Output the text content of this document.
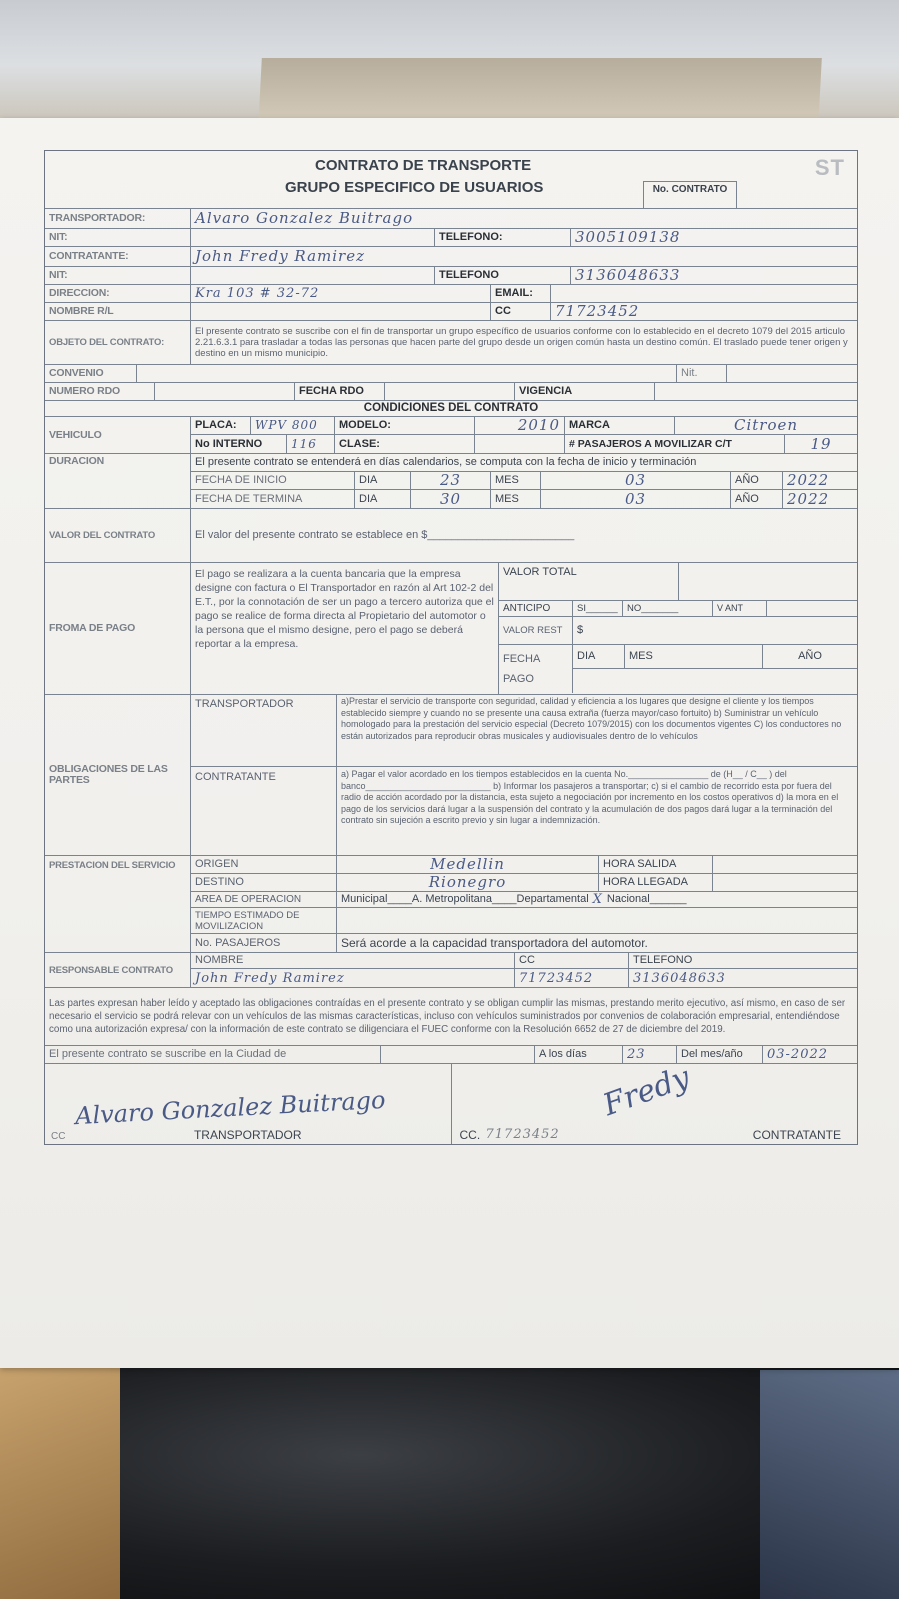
CONTRATO DE TRANSPORTE
GRUPO ESPECIFICO DE USUARIOS	No. CONTRATO
ST
TRANSPORTADOR:	Alvaro Gonzalez Buitrago
NIT:	TELEFONO:	3005109138
CONTRATANTE:	John Fredy Ramirez
NIT:	TELEFONO	3136048633
DIRECCION:	Kra 103 # 32-72	EMAIL:
NOMBRE R/L	CC	71723452
OBJETO DEL CONTRATO:
El presente contrato se suscribe con el fin de transportar un grupo específico de usuarios conforme con lo establecido en el decreto 1079 del 2015 articulo 2.21.6.3.1 para trasladar a todas las personas que hacen parte del grupo desde un origen común hasta un destino común. El traslado puede tener origen y destino en un mismo municipio.
CONVENIO	Nit.
NUMERO RDO	FECHA RDO	VIGENCIA
CONDICIONES DEL CONTRATO
VEHICULO
PLACA:	WPV 800	MODELO:	2010 MARCA	Citroen
No INTERNO	116	CLASE:	# PASAJEROS A MOVILIZAR C/T	19
DURACION	El presente contrato se entenderá en días calendarios, se computa con la fecha de inicio y terminación
FECHA DE INICIO	DIA	23	MES	03	AÑO	2022
FECHA DE TERMINA	DIA	30	MES	03	AÑO	2022
VALOR DEL CONTRATO	El valor del presente contrato se establece en $________________________
FROMA DE PAGO
El pago se realizara a la cuenta bancaria que la empresa designe con factura o El Transportador en razón al Art 102-2 del E.T., por la connotación de ser un pago a tercero autoriza que el pago se realice de forma directa al Propietario del automotor o la persona que el mismo designe, pero el pago se deberá reportar a la empresa.
VALOR TOTAL
ANTICIPO	SI______ NO_______	V ANT
VALOR REST	$
FECHA PAGO
DIA	MES	AÑO
OBLIGACIONES DE LAS PARTES
TRANSPORTADOR	a)Prestar el servicio de transporte con seguridad, calidad y eficiencia a los lugares que designe el cliente y los tiempos establecido siempre y cuando no se presente una causa extraña (fuerza mayor/caso fortuito) b) Suministrar un vehículo homologado para la prestación del servicio especial (Decreto 1079/2015) con los documentos vigentes C) los conductores no están autorizados para reproducir obras musicales y audiovisuales dentro de lo vehículos
CONTRATANTE	a) Pagar el valor acordado en los tiempos establecidos en la cuenta No.________________ de (H__ / C__ ) del banco_________________________ b) Informar los pasajeros a transportar; c) si el cambio de recorrido esta por fuera del radio de acción acordado por la distancia, esta sujeto a negociación por incremento en los costos operativos d) la mora en el pago de los servicios dará lugar a la suspensión del contrato y la acumulación de dos pagos dará lugar a la terminación del contrato sin sujeción a escrito previo y sin lugar a indemnización.
PRESTACION DEL SERVICIO	ORIGEN	Medellin	HORA SALIDA
DESTINO	Rionegro	HORA LLEGADA
AREA DE OPERACION	Municipal____A. Metropolitana____Departamental X Nacional______
TIEMPO ESTIMADO DE MOVILIZACION
No. PASAJEROS	Será acorde a la capacidad transportadora del automotor.
RESPONSABLE CONTRATO
NOMBRE	CC	TELEFONO
John Fredy Ramirez	71723452	3136048633
Las partes expresan haber leído y aceptado las obligaciones contraídas en el presente contrato y se obligan cumplir las mismas, prestando merito ejecutivo, así mismo, en caso de ser necesario el servicio se podrá relevar con un vehículos de las mismas características, incluso con vehículos suministrados por convenios de colaboración empresarial, entendiéndose como una autorización expresa/ con la información de este contrato se diligenciara el FUEC conforme con la Resolución 6652 de 27 de diciembre del 2019.
El presente contrato se suscribe en la Ciudad de	A los días	23	Del mes/año	03-2022
Alvaro Gonzalez Buitrago
CC	TRANSPORTADOR
Fredy
CC. 71723452	CONTRATANTE
